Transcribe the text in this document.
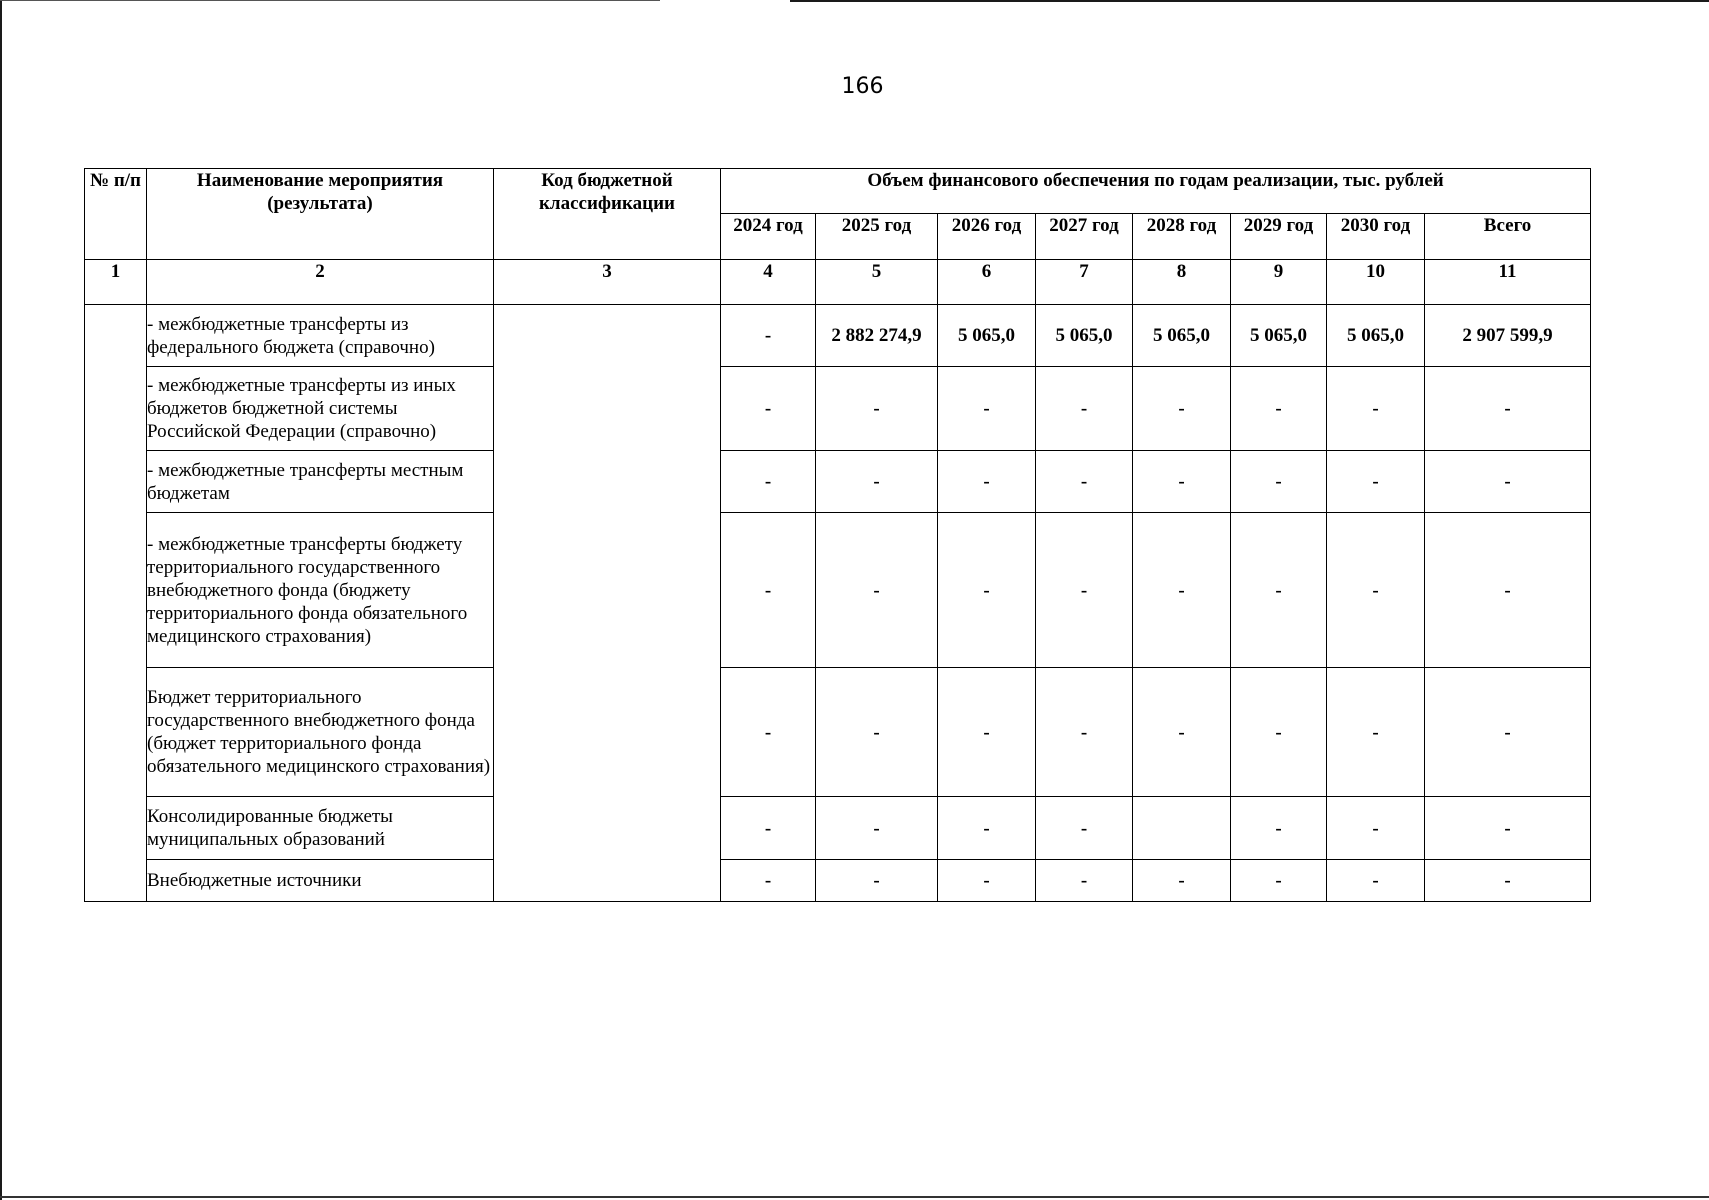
166
№ п/п	Наименование мероприятия (результата)	Код бюджетной классификации	Объем финансового обеспечения по годам реализации, тыс. рублей							
			2024 год	2025 год	2026 год	2027 год	2028 год	2029 год	2030 год	Всего
1	2	3	4	5	6	7	8	9	10	11
	- межбюджетные трансферты из федерального бюджета (справочно)		-	2 882 274,9	5 065,0	5 065,0	5 065,0	5 065,0	5 065,0	2 907 599,9
	- межбюджетные трансферты из иных бюджетов бюджетной системы Российской Федерации (справочно)		-	-	-	-	-	-	-	-
	- межбюджетные трансферты местным бюджетам		-	-	-	-	-	-	-	-
	- межбюджетные трансферты бюджету территориального государственного внебюджетного фонда (бюджету территориального фонда обязательного медицинского страхования)		-	-	-	-	-	-	-	-
	Бюджет территориального государственного внебюджетного фонда (бюджет территориального фонда обязательного медицинского страхования)		-	-	-	-	-	-	-	-
	Консолидированные бюджеты муниципальных образований		-	-	-	-		-	-	-
	Внебюджетные источники		-	-	-	-	-	-	-	-
